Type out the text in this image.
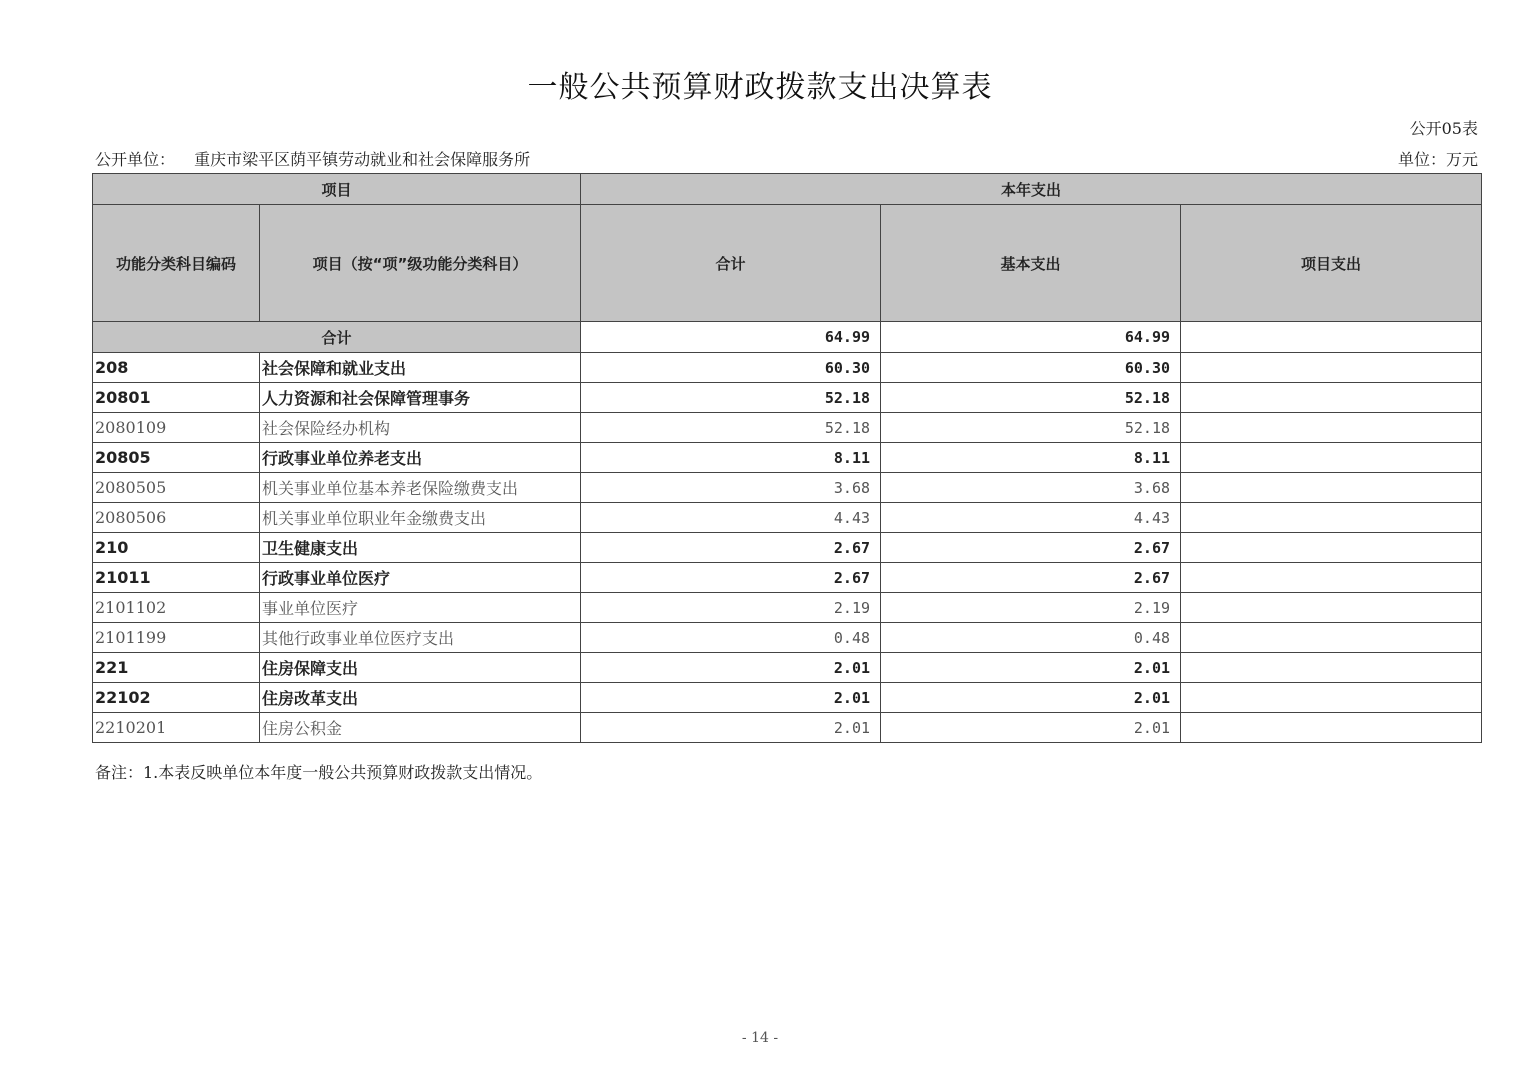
一般公共预算财政拨款支出决算表
公开05表
公开单位： 重庆市梁平区荫平镇劳动就业和社会保障服务所	单位：万元
项目		本年支出		
功能分类科目编码	项目（按“项”级功能分类科目）	合计	基本支出	项目支出
合计		64.99	64.99	
208	社会保障和就业支出	60.30	60.30	
20801	人力资源和社会保障管理事务	52.18	52.18	
2080109	社会保险经办机构	52.18	52.18	
20805	行政事业单位养老支出	8.11	8.11	
2080505	机关事业单位基本养老保险缴费支出	3.68	3.68	
2080506	机关事业单位职业年金缴费支出	4.43	4.43	
210	卫生健康支出	2.67	2.67	
21011	行政事业单位医疗	2.67	2.67	
2101102	事业单位医疗	2.19	2.19	
2101199	其他行政事业单位医疗支出	0.48	0.48	
221	住房保障支出	2.01	2.01	
22102	住房改革支出	2.01	2.01	
2210201	住房公积金	2.01	2.01	
备注：1.本表反映单位本年度一般公共预算财政拨款支出情况。
- 14 -
